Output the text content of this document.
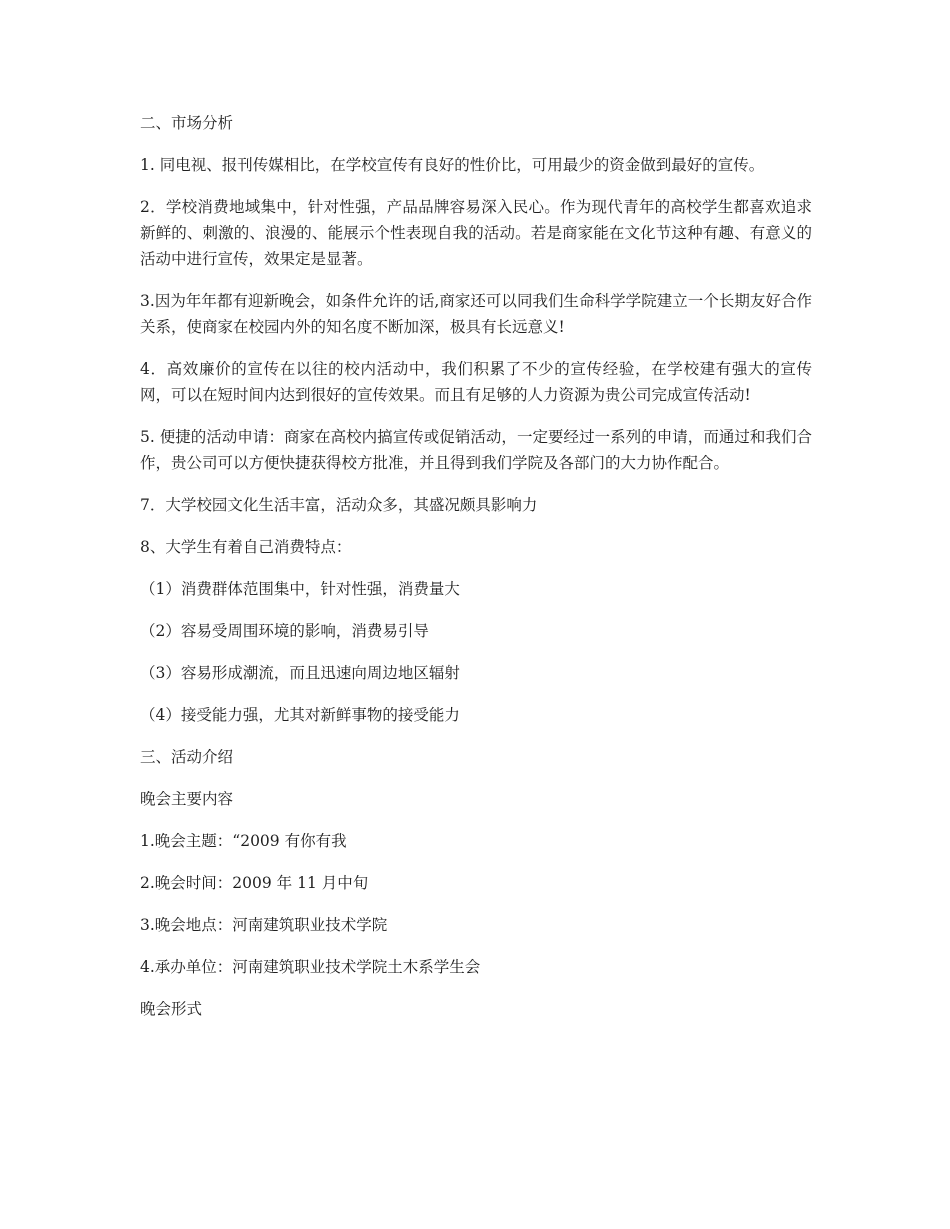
二、市场分析

1. 同电视、报刊传媒相比，在学校宣传有良好的性价比，可用最少的资金做到最好的宣传。

2．学校消费地域集中，针对性强，产品品牌容易深入民心。作为现代青年的高校学生都喜欢追求新鲜的、刺激的、浪漫的、能展示个性表现自我的活动。若是商家能在文化节这种有趣、有意义的活动中进行宣传，效果定是显著。

3.因为年年都有迎新晚会，如条件允许的话,商家还可以同我们生命科学学院建立一个长期友好合作关系，使商家在校园内外的知名度不断加深，极具有长远意义!

4．高效廉价的宣传在以往的校内活动中，我们积累了不少的宣传经验，在学校建有强大的宣传网，可以在短时间内达到很好的宣传效果。而且有足够的人力资源为贵公司完成宣传活动!

5. 便捷的活动申请：商家在高校内搞宣传或促销活动，一定要经过一系列的申请，而通过和我们合作，贵公司可以方便快捷获得校方批准，并且得到我们学院及各部门的大力协作配合。

7．大学校园文化生活丰富，活动众多，其盛况颇具影响力

8、大学生有着自己消费特点：

（1）消费群体范围集中，针对性强，消费量大

（2）容易受周围环境的影响，消费易引导

（3）容易形成潮流，而且迅速向周边地区辐射

（4）接受能力强，尤其对新鲜事物的接受能力

三、活动介绍

晚会主要内容

1.晚会主题：“2009 有你有我

2.晚会时间：2009 年 11 月中旬

3.晚会地点：河南建筑职业技术学院

4.承办单位：河南建筑职业技术学院土木系学生会

晚会形式
